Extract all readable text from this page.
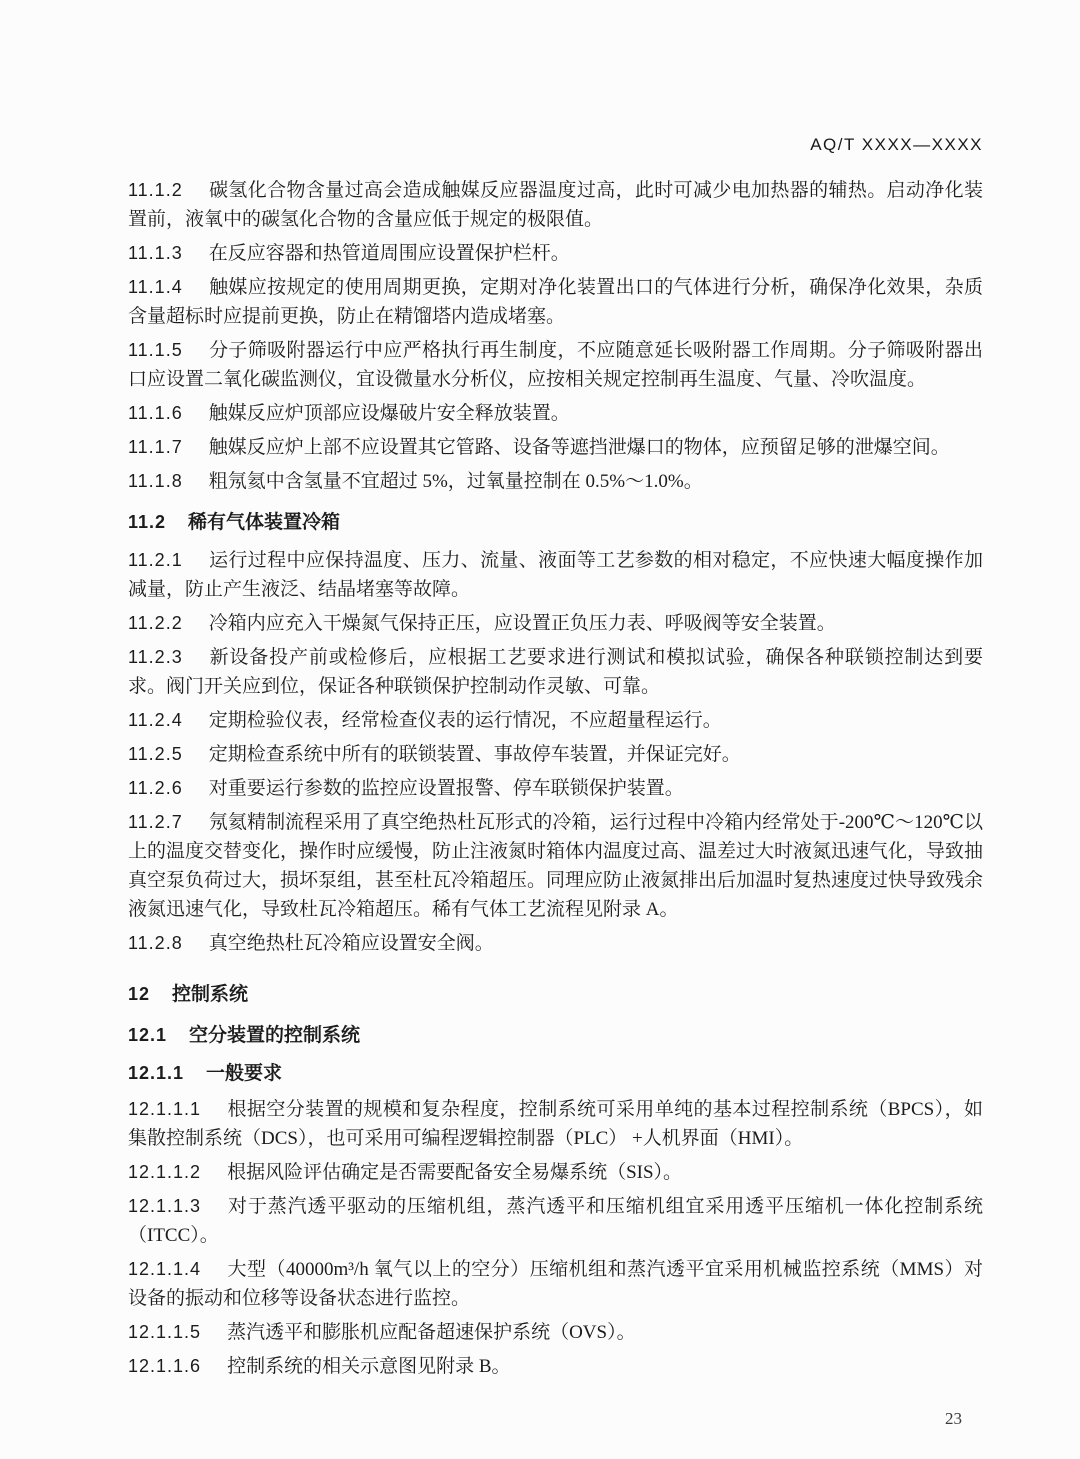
AQ/T XXXX—XXXX

11.1.2 碳氢化合物含量过高会造成触媒反应器温度过高，此时可减少电加热器的辅热。启动净化装置前，液氧中的碳氢化合物的含量应低于规定的极限值。

11.1.3 在反应容器和热管道周围应设置保护栏杆。

11.1.4 触媒应按规定的使用周期更换，定期对净化装置出口的气体进行分析，确保净化效果，杂质含量超标时应提前更换，防止在精馏塔内造成堵塞。

11.1.5 分子筛吸附器运行中应严格执行再生制度，不应随意延长吸附器工作周期。分子筛吸附器出口应设置二氧化碳监测仪，宜设微量水分析仪，应按相关规定控制再生温度、气量、冷吹温度。

11.1.6 触媒反应炉顶部应设爆破片安全释放装置。

11.1.7 触媒反应炉上部不应设置其它管路、设备等遮挡泄爆口的物体，应预留足够的泄爆空间。

11.1.8 粗氖氦中含氢量不宜超过 5%，过氧量控制在 0.5%～1.0%。

11.2 稀有气体装置冷箱

11.2.1 运行过程中应保持温度、压力、流量、液面等工艺参数的相对稳定，不应快速大幅度操作加减量，防止产生液泛、结晶堵塞等故障。

11.2.2 冷箱内应充入干燥氮气保持正压，应设置正负压力表、呼吸阀等安全装置。

11.2.3 新设备投产前或检修后，应根据工艺要求进行测试和模拟试验，确保各种联锁控制达到要求。阀门开关应到位，保证各种联锁保护控制动作灵敏、可靠。

11.2.4 定期检验仪表，经常检查仪表的运行情况，不应超量程运行。

11.2.5 定期检查系统中所有的联锁装置、事故停车装置，并保证完好。

11.2.6 对重要运行参数的监控应设置报警、停车联锁保护装置。

11.2.7 氖氦精制流程采用了真空绝热杜瓦形式的冷箱，运行过程中冷箱内经常处于-200℃～120℃以上的温度交替变化，操作时应缓慢，防止注液氮时箱体内温度过高、温差过大时液氮迅速气化，导致抽真空泵负荷过大，损坏泵组，甚至杜瓦冷箱超压。同理应防止液氮排出后加温时复热速度过快导致残余液氮迅速气化，导致杜瓦冷箱超压。稀有气体工艺流程见附录 A。

11.2.8 真空绝热杜瓦冷箱应设置安全阀。

12 控制系统

12.1 空分装置的控制系统

12.1.1 一般要求

12.1.1.1 根据空分装置的规模和复杂程度，控制系统可采用单纯的基本过程控制系统（BPCS），如集散控制系统（DCS），也可采用可编程逻辑控制器（PLC） +人机界面（HMI）。

12.1.1.2 根据风险评估确定是否需要配备安全易爆系统（SIS）。

12.1.1.3 对于蒸汽透平驱动的压缩机组，蒸汽透平和压缩机组宜采用透平压缩机一体化控制系统（ITCC）。

12.1.1.4 大型（40000m³/h 氧气以上的空分）压缩机组和蒸汽透平宜采用机械监控系统（MMS）对设备的振动和位移等设备状态进行监控。

12.1.1.5 蒸汽透平和膨胀机应配备超速保护系统（OVS）。

12.1.1.6 控制系统的相关示意图见附录 B。

23
